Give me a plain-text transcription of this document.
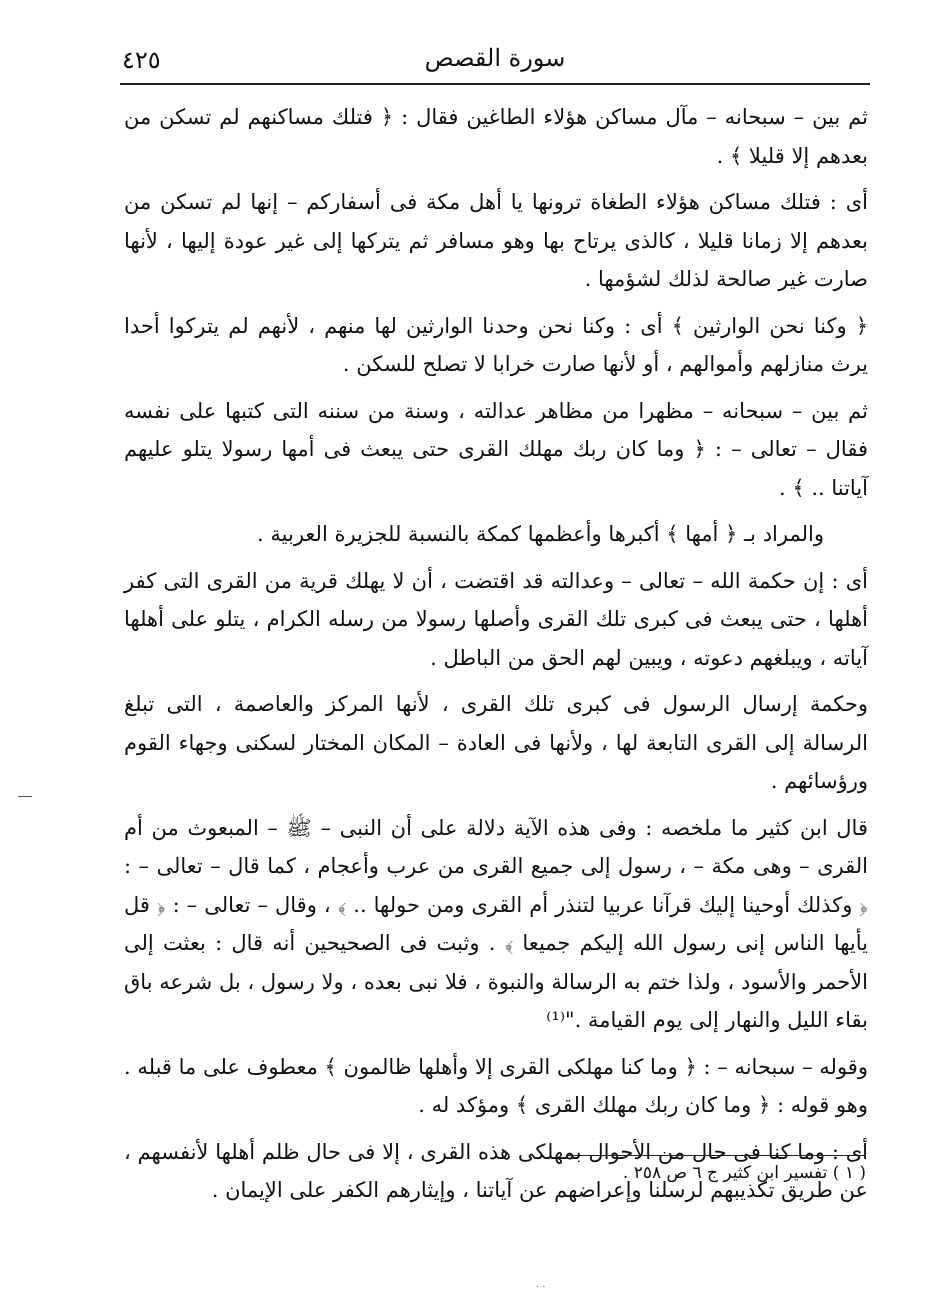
٤٢٥	سورة القصص

ثم بين – سبحانه – مآل مساكن هؤلاء الطاغين فقال : ﴿ فتلك مساكنهم لم تسكن من بعدهم إلا قليلا ﴾ .

أى : فتلك مساكن هؤلاء الطغاة ترونها يا أهل مكة فى أسفاركم – إنها لم تسكن من بعدهم إلا زمانا قليلا ، كالذى يرتاح بها وهو مسافر ثم يتركها إلى غير عودة إليها ، لأنها صارت غير صالحة لذلك لشؤمها .

﴿ وكنا نحن الوارثين ﴾ أى : وكنا نحن وحدنا الوارثين لها منهم ، لأنهم لم يتركوا أحدا يرث منازلهم وأموالهم ، أو لأنها صارت خرابا لا تصلح للسكن .

ثم بين – سبحانه – مظهرا من مظاهر عدالته ، وسنة من سننه التى كتبها على نفسه فقال – تعالى – : ﴿ وما كان ربك مهلك القرى حتى يبعث فى أمها رسولا يتلو عليهم آياتنا .. ﴾ .

والمراد بـ ﴿ أمها ﴾ أكبرها وأعظمها كمكة بالنسبة للجزيرة العربية .

أى : إن حكمة الله – تعالى – وعدالته قد اقتضت ، أن لا يهلك قرية من القرى التى كفر أهلها ، حتى يبعث فى كبرى تلك القرى وأصلها رسولا من رسله الكرام ، يتلو على أهلها آياته ، ويبلغهم دعوته ، ويبين لهم الحق من الباطل .

وحكمة إرسال الرسول فى كبرى تلك القرى ، لأنها المركز والعاصمة ، التى تبلغ الرسالة إلى القرى التابعة لها ، ولأنها فى العادة – المكان المختار لسكنى وجهاء القوم ورؤسائهم .

قال ابن كثير ما ملخصه : وفى هذه الآية دلالة على أن النبى – ﷺ – المبعوث من أم القرى – وهى مكة – ، رسول إلى جميع القرى من عرب وأعجام ، كما قال – تعالى – : ﴿ وكذلك أوحينا إليك قرآنا عربيا لتنذر أم القرى ومن حولها .. ﴾ ، وقال – تعالى – : ﴿ قل يأيها الناس إنى رسول الله إليكم جميعا ﴾ . وثبت فى الصحيحين أنه قال : بعثت إلى الأحمر والأسود ، ولذا ختم به الرسالة والنبوة ، فلا نبى بعده ، ولا رسول ، بل شرعه باق بقاء الليل والنهار إلى يوم القيامة ."⁽¹⁾

وقوله – سبحانه – : ﴿ وما كنا مهلكى القرى إلا وأهلها ظالمون ﴾ معطوف على ما قبله . وهو قوله : ﴿ وما كان ربك مهلك القرى ﴾ ومؤكد له .

أى : وما كنا فى حال من الأحوال بمهلكى هذه القرى ، إلا فى حال ظلم أهلها لأنفسهم ، عن طريق تكذيبهم لرسلنا وإعراضهم عن آياتنا ، وإيثارهم الكفر على الإيمان .

( ١ ) تفسير ابن كثير ج ٦ ص ٢٥٨ .
· ·
